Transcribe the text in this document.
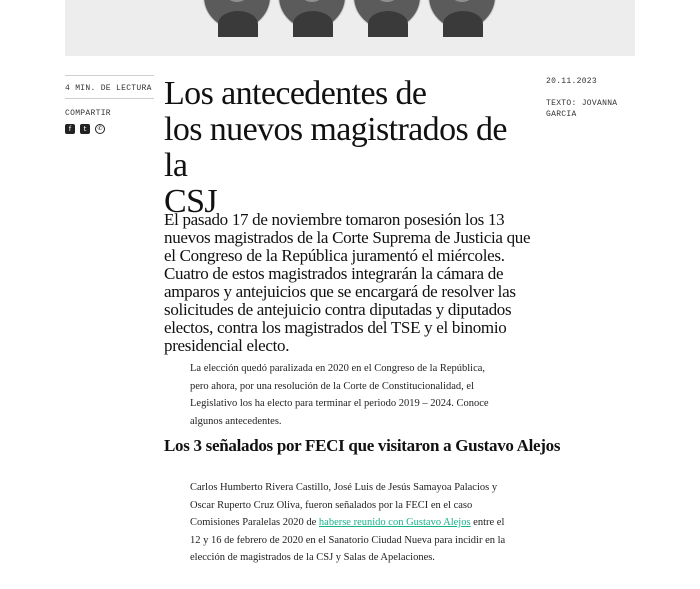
4 MIN. DE LECTURA
COMPARTIR
f	t	✆
20.11.2023
TEXTO: JOVANNA GARCIA
Los antecedentes de
los nuevos magistrados de la
CSJ

El pasado 17 de noviembre tomaron posesión los 13 nuevos magistrados de la Corte Suprema de Justicia que el Congreso de la República juramentó el miércoles. Cuatro de estos magistrados integrarán la cámara de amparos y antejuicios que se encargará de resolver las solicitudes de antejuicio contra diputadas y diputados electos, contra los magistrados del TSE y el binomio presidencial electo.

La elección quedó paralizada en 2020 en el Congreso de la República, pero ahora, por una resolución de la Corte de Constitucionalidad, el Legislativo los ha electo para terminar el periodo 2019 – 2024. Conoce algunos antecedentes.

Los 3 señalados por FECI que visitaron a Gustavo Alejos

Carlos Humberto Rivera Castillo, José Luis de Jesús Samayoa Palacios y Oscar Ruperto Cruz Oliva, fueron señalados por la FECI en el caso Comisiones Paralelas 2020 de haberse reunido con Gustavo Alejos entre el 12 y 16 de febrero de 2020 en el Sanatorio Ciudad Nueva para incidir en la elección de magistrados de la CSJ y Salas de Apelaciones.
